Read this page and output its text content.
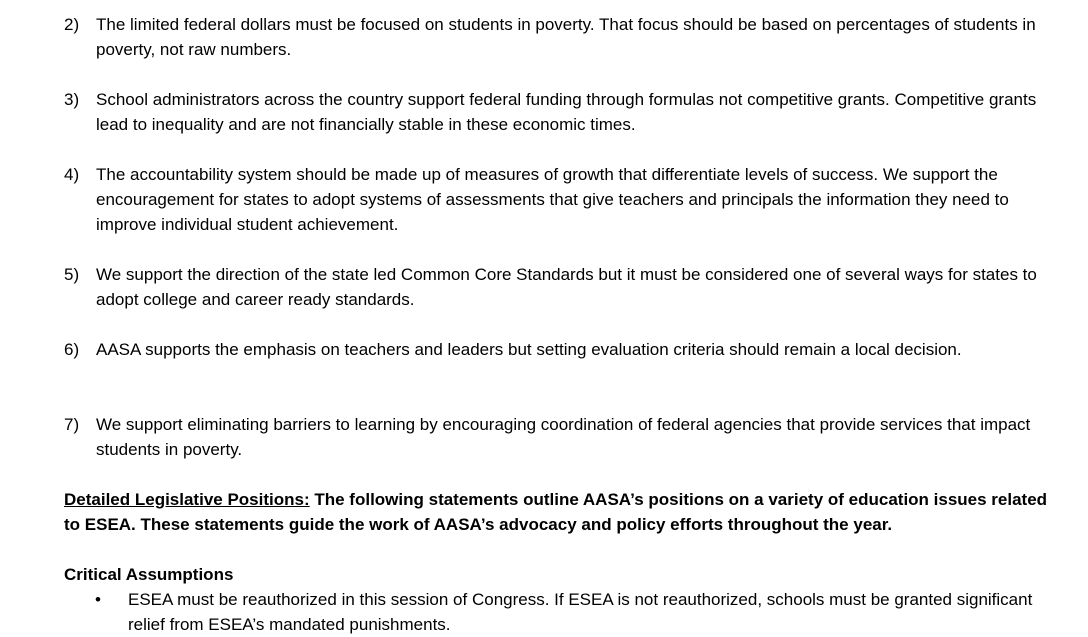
2) The limited federal dollars must be focused on students in poverty. That focus should be based on percentages of students in poverty, not raw numbers.
3) School administrators across the country support federal funding through formulas not competitive grants. Competitive grants lead to inequality and are not financially stable in these economic times.
4) The accountability system should be made up of measures of growth that differentiate levels of success. We support the encouragement for states to adopt systems of assessments that give teachers and principals the information they need to improve individual student achievement.
5) We support the direction of the state led Common Core Standards but it must be considered one of several ways for states to adopt college and career ready standards.
6) AASA supports the emphasis on teachers and leaders but setting evaluation criteria should remain a local decision.
7) We support eliminating barriers to learning by encouraging coordination of federal agencies that provide services that impact students in poverty.
Detailed Legislative Positions: The following statements outline AASA’s positions on a variety of education issues related to ESEA. These statements guide the work of AASA’s advocacy and policy efforts throughout the year.
Critical Assumptions
• ESEA must be reauthorized in this session of Congress. If ESEA is not reauthorized, schools must be granted significant relief from ESEA’s mandated punishments.
